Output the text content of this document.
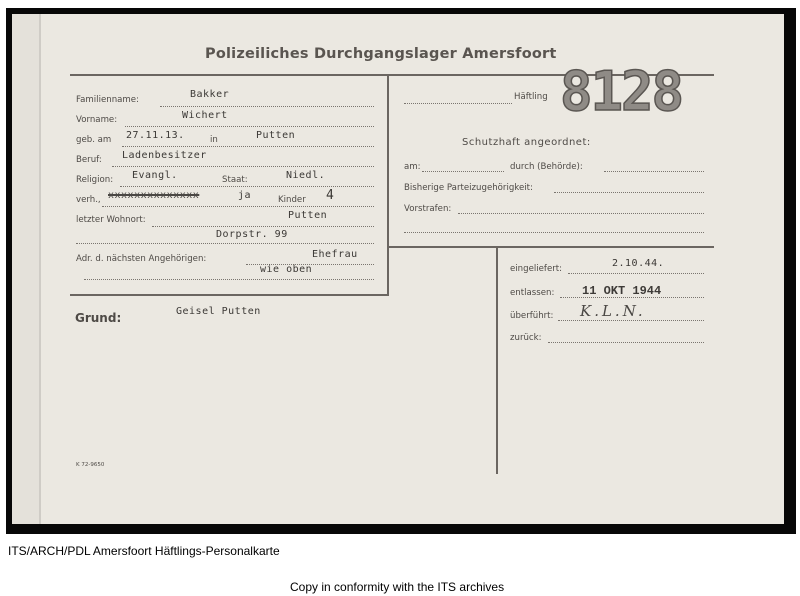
Polizeiliches Durchgangslager Amersfoort
Familienname:	Bakker
Vorname:	Wichert
geb. am 27.11.13.	in	Putten
Beruf: Ladenbesitzer
Religion: Evangl.	Staat:	Niedl.
verh., xxxxxxxxxxxxxx	ja	Kinder 4
letzter Wohnort:	Putten
Dorpstr. 99
Adr. d. nächsten Angehörigen:	Ehefrau
wie oben
Grund:	Geisel Putten
Häftling 8128
Schutzhaft angeordnet:
am:	durch (Behörde):
Bisherige Parteizugehörigkeit:
Vorstrafen:
eingeliefert:	2.10.44.
entlassen: 11 OKT 1944
überführt: K.L.N.
zurück:
K 72-9650
ITS/ARCH/PDL Amersfoort Häftlings-Personalkarte
Copy in conformity with the ITS archives
